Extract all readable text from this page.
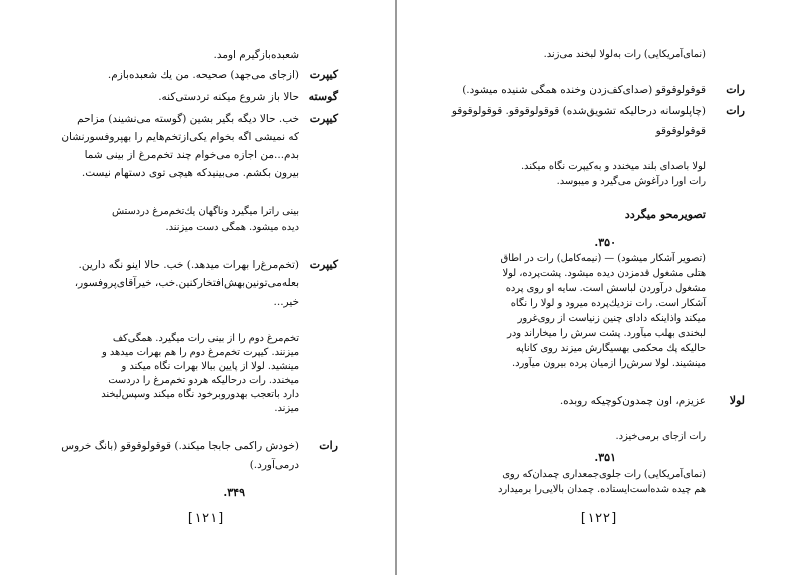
شعبده‌بازگیرم اومد.
کیپرت
(ازجای می‌جهد) صحیحه. من یك شعبده‌بازم.
گوسته
حالا باز شروع میکنه تردستی‌کنه.
کیپرت
خب. حالا دیگه بگیر بشین (گوسته می‌نشیند) مزاحم
که نمیشی اگه بخوام یکی‌ازتخم‌هایم را بهپروفسورنشان
بدم...من اجازه می‌خوام چند تخم‌مرغ از بینی شما
بیرون بکشم. می‌بینیدکه هیچی توی دستهام نیست.
بینی راترا میگیرد وناگهان یك‌تخم‌مرغ دردستش
دیده میشود. همگی دست میزنند.
کیپرت
(تخم‌مرغ‌را بهرات میدهد.) خب. حالا اینو نگه دارین.
بعله‌می‌تونین‌بهش‌افتخارکنین.خب، خیرآقای‌پروفسور،
خیر...
تخم‌مرغ دوم را از بینی رات میگیرد. همگی‌کف
میزنند. کیپرت تخم‌مرغ دوم را هم بهرات میدهد و
مینشید. لولا از پایین ببالا بهرات نگاه میکند و
میخندد. رات درحالیکه هردو تخم‌مرغ را دردست
دارد باتعجب بهدوروبرخود نگاه میکند وسپس‌لبخند
میزند.
رات
(خودش راکمی جابجا میکند.) قوقولوقوقو (بانگ خروس
درمی‌آورد.)
۳۴۹.
[۱۲۱]
(نمای‌آمریکایی) رات به‌لولا لبخند می‌زند.
رات
قوقولوقوقو (صدای‌کف‌زدن وخنده همگی شنیده میشود.)
رات
(چاپلوسانه درحالیکه تشویق‌شده) قوقولوقوقو. قوقولوقوقو
قوقولوقوقو
لولا باصدای بلند میخندد و به‌کیپرت نگاه میکند.
رات اورا درآغوش می‌گیرد و میبوسد.
تصویرمحو میگردد
۳۵۰.
(تصویر آشکار میشود) — (نیمه‌کامل) رات در اطاق
هتلی مشغول قدمزدن دیده میشود. پشت‌پرده، لولا
مشغول درآوردن لباسش است. سایه او روی پرده
آشکار است. رات نزدیك‌پرده میرود و لولا را نگاه
میکند واذاینکه دادای چنین زنیاست از روی‌غرور
لبخندی بهلب میآورد. پشت سرش را میخاراند ودر
حالیکه پك محکمی بهسیگارش میزند روی کاناپه
مینشیند. لولا سرش‌را ازمیان پرده بیرون میآورد.
لولا
عزیزم، اون چمدون‌کوچیکه روبده.
رات ازجای برمی‌خیزد.
۳۵۱.
(نمای‌آمریکایی) رات جلوی‌جمعداری چمدان‌که روی
هم چیده شده‌است‌ایستاده. چمدان بالایی‌را برمیدارد
[۱۲۲]
